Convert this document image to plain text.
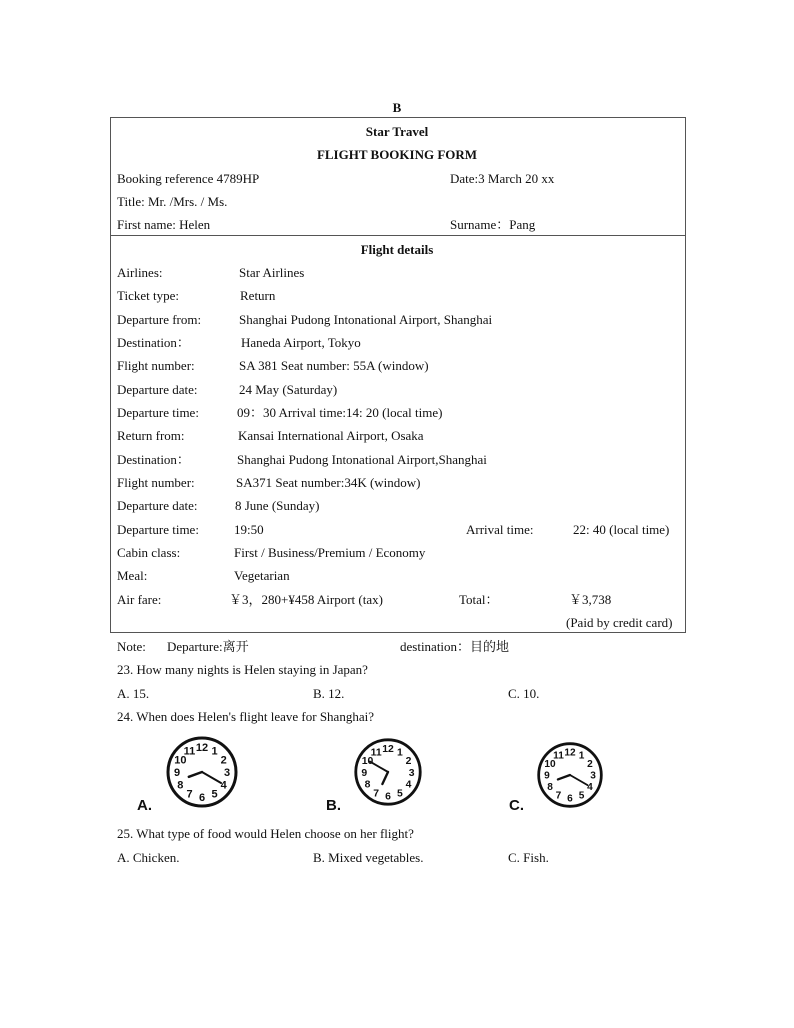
B
Star Travel
FLIGHT BOOKING FORM
Booking reference 4789HP	Date:3 March 20 xx
Title: Mr. /Mrs. / Ms.
First name: Helen	Surname：Pang
Flight details
Airlines:	Star Airlines
Ticket type:	Return
Departure from:	Shanghai Pudong Intonational Airport, Shanghai
Destination：	Haneda Airport, Tokyo
Flight number:	SA 381 Seat number: 55A (window)
Departure date:	24 May (Saturday)
Departure time:	09：30 Arrival time:14: 20 (local time)
Return from:	Kansai International Airport, Osaka
Destination：	Shanghai Pudong Intonational Airport,Shanghai
Flight number:	SA371 Seat number:34K (window)
Departure date:	8 June (Sunday)
Departure time:	19:50	Arrival time:	22: 40 (local time)
Cabin class:	First / Business/Premium / Economy
Meal:	Vegetarian
Air fare:	￥3，280+¥458 Airport (tax)	Total：	￥3,738
(Paid by credit card)
Note: Departure:离开	destination：目的地
23. How many nights is Helen staying in Japan?
A. 15.	B. 12.	C. 10.
24. When does Helen's flight leave for Shanghai?
12 1
2
3
4
5
6
7
8
9
10
11	12 1
2
3
4
5
6
7
8
9
10
11	12 1
2
3
4
5
6
7
8
9
10
11
A.	B.	C.
25. What type of food would Helen choose on her flight?
A. Chicken.	B. Mixed vegetables.	C. Fish.
